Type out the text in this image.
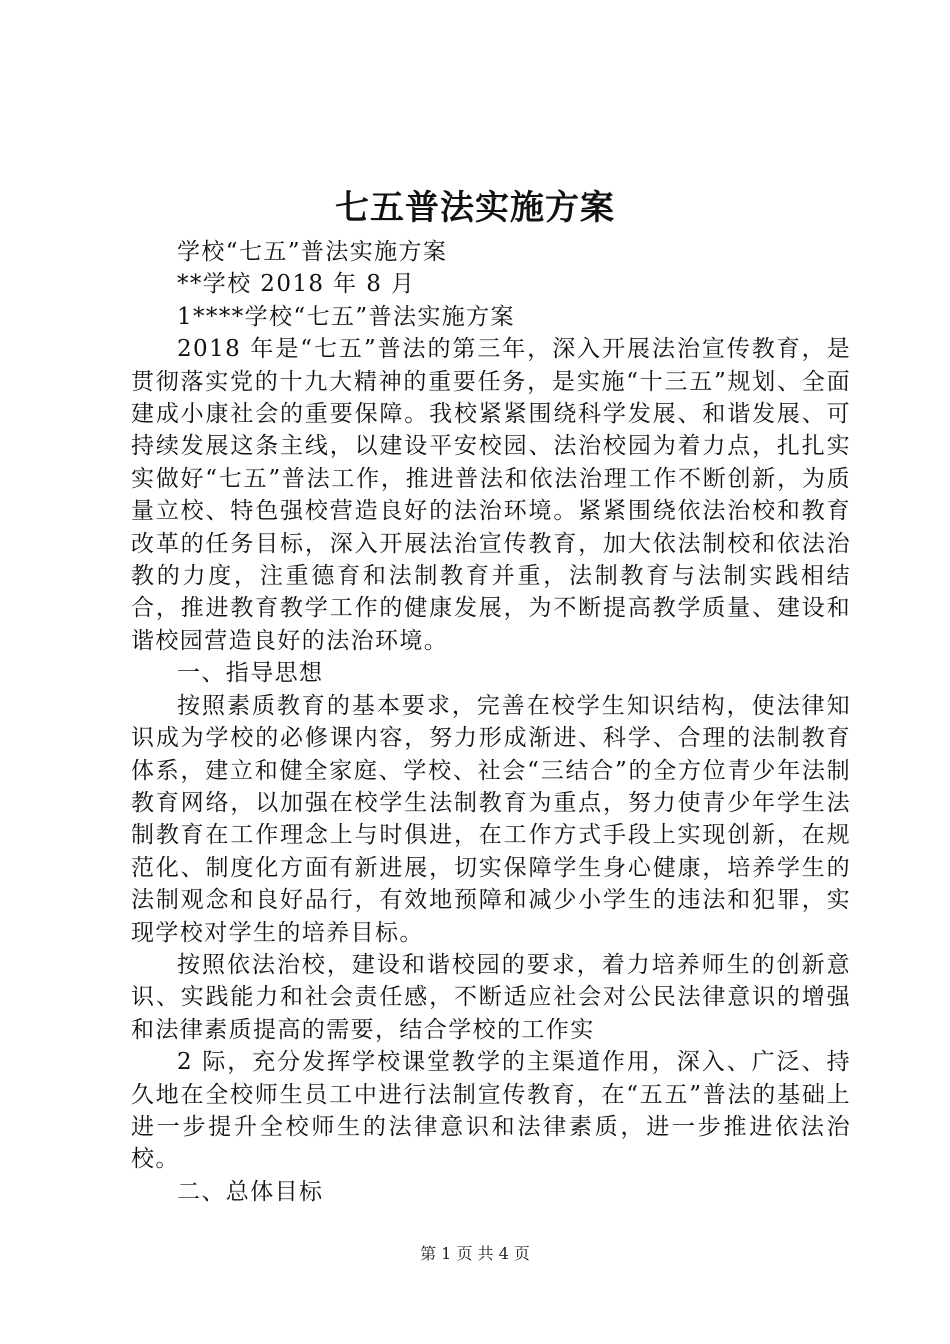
七五普法实施方案

学校“七五”普法实施方案

**学校 2018 年 8 月

1****学校“七五”普法实施方案

2018 年是“七五”普法的第三年，深入开展法治宣传教育，是贯彻落实党的十九大精神的重要任务，是实施“十三五”规划、全面建成小康社会的重要保障。我校紧紧围绕科学发展、和谐发展、可持续发展这条主线，以建设平安校园、法治校园为着力点，扎扎实实做好“七五”普法工作，推进普法和依法治理工作不断创新，为质量立校、特色强校营造良好的法治环境。紧紧围绕依法治校和教育改革的任务目标，深入开展法治宣传教育，加大依法制校和依法治教的力度，注重德育和法制教育并重，法制教育与法制实践相结合，推进教育教学工作的健康发展，为不断提高教学质量、建设和谐校园营造良好的法治环境。

一、指导思想

按照素质教育的基本要求，完善在校学生知识结构，使法律知识成为学校的必修课内容，努力形成渐进、科学、合理的法制教育体系，建立和健全家庭、学校、社会“三结合”的全方位青少年法制教育网络，以加强在校学生法制教育为重点，努力使青少年学生法制教育在工作理念上与时俱进，在工作方式手段上实现创新，在规范化、制度化方面有新进展，切实保障学生身心健康，培养学生的法制观念和良好品行，有效地预障和减少小学生的违法和犯罪，实现学校对学生的培养目标。

按照依法治校，建设和谐校园的要求，着力培养师生的创新意识、实践能力和社会责任感，不断适应社会对公民法律意识的增强和法律素质提高的需要，结合学校的工作实

2 际，充分发挥学校课堂教学的主渠道作用，深入、广泛、持久地在全校师生员工中进行法制宣传教育，在“五五”普法的基础上进一步提升全校师生的法律意识和法律素质，进一步推进依法治校。

二、总体目标

第 1 页 共 4 页
